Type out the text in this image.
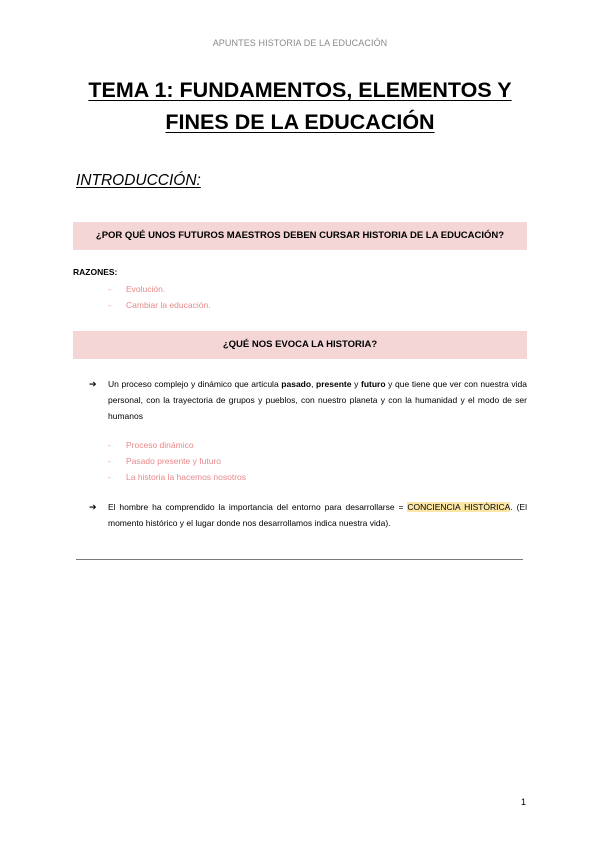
APUNTES HISTORIA DE LA EDUCACIÓN
TEMA 1: FUNDAMENTOS, ELEMENTOS Y
FINES DE LA EDUCACIÓN
INTRODUCCIÓN:
¿POR QUÉ UNOS FUTUROS MAESTROS DEBEN CURSAR HISTORIA DE LA EDUCACIÓN?
RAZONES:
- Evolución.
- Cambiar la educación.
¿QUÉ NOS EVOCA LA HISTORIA?

➔ Un proceso complejo y dinámico que articula pasado, presente y futuro y que tiene que ver con nuestra vida personal, con la trayectoria de grupos y pueblos, con nuestro planeta y con la humanidad y el modo de ser humanos

- Proceso dinámico
- Pasado presente y futuro
- La historia la hacemos nosotros

➔ El hombre ha comprendido la importancia del entorno para desarrollarse = CONCIENCIA HISTÓRICA. (El momento histórico y el lugar donde nos desarrollamos indica nuestra vida).

1
